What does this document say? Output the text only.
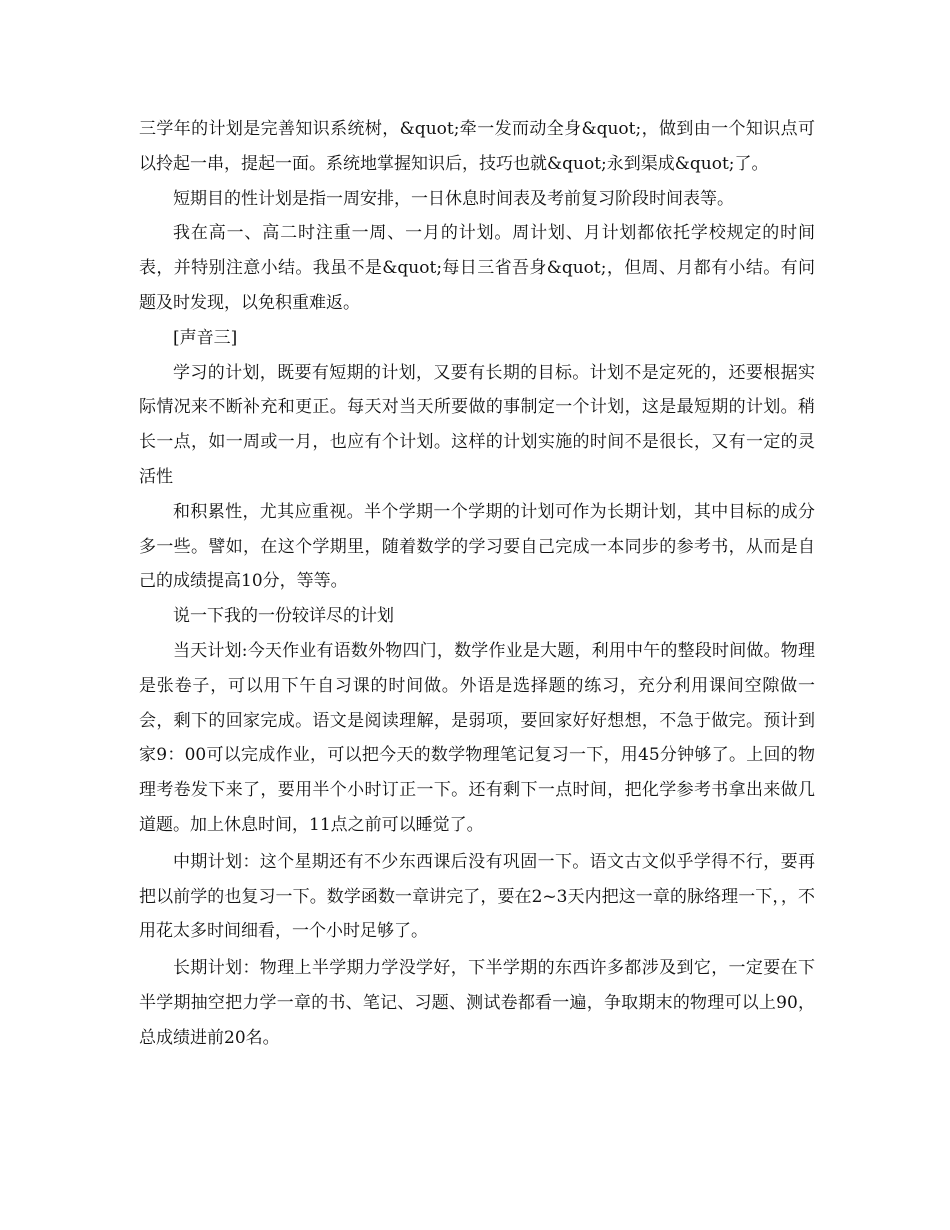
三学年的计划是完善知识系统树，&quot;牵一发而动全身&quot;，做到由一个知识点可以拎起一串，提起一面。系统地掌握知识后，技巧也就&quot;永到渠成&quot;了。

短期目的性计划是指一周安排，一日休息时间表及考前复习阶段时间表等。

我在高一、高二时注重一周、一月的计划。周计划、月计划都依托学校规定的时间表，并特别注意小结。我虽不是&quot;每日三省吾身&quot;，但周、月都有小结。有问题及时发现，以免积重难返。

[声音三]

学习的计划，既要有短期的计划，又要有长期的目标。计划不是定死的，还要根据实际情况来不断补充和更正。每天对当天所要做的事制定一个计划，这是最短期的计划。稍长一点，如一周或一月，也应有个计划。这样的计划实施的时间不是很长，又有一定的灵活性

和积累性，尤其应重视。半个学期一个学期的计划可作为长期计划，其中目标的成分多一些。譬如，在这个学期里，随着数学的学习要自己完成一本同步的参考书，从而是自己的成绩提高10分，等等。

说一下我的一份较详尽的计划

当天计划:今天作业有语数外物四门，数学作业是大题，利用中午的整段时间做。物理是张卷子，可以用下午自习课的时间做。外语是选择题的练习，充分利用课间空隙做一会，剩下的回家完成。语文是阅读理解，是弱项，要回家好好想想，不急于做完。预计到家9：00可以完成作业，可以把今天的数学物理笔记复习一下，用45分钟够了。上回的物理考卷发下来了，要用半个小时订正一下。还有剩下一点时间，把化学参考书拿出来做几道题。加上休息时间，11点之前可以睡觉了。

中期计划：这个星期还有不少东西课后没有巩固一下。语文古文似乎学得不行，要再把以前学的也复习一下。数学函数一章讲完了，要在2~3天内把这一章的脉络理一下，，不用花太多时间细看，一个小时足够了。

长期计划：物理上半学期力学没学好，下半学期的东西许多都涉及到它，一定要在下半学期抽空把力学一章的书、笔记、习题、测试卷都看一遍，争取期末的物理可以上90，总成绩进前20名。
